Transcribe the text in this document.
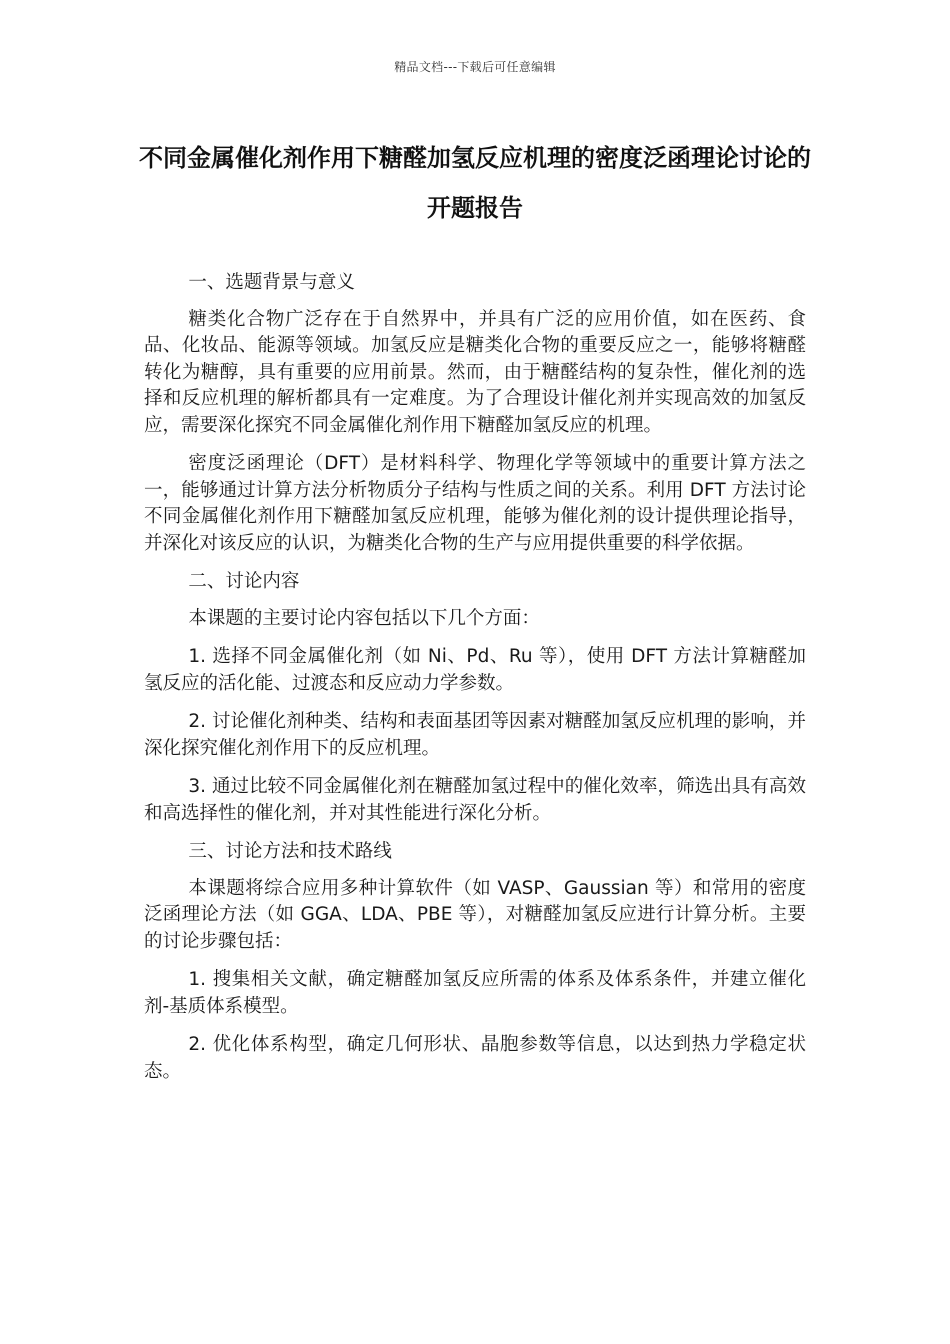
精品文档---下载后可任意编辑
不同金属催化剂作用下糖醛加氢反应机理的密度泛函理论讨论的开题报告

一、选题背景与意义

糖类化合物广泛存在于自然界中，并具有广泛的应用价值，如在医药、食品、化妆品、能源等领域。加氢反应是糖类化合物的重要反应之一，能够将糖醛转化为糖醇，具有重要的应用前景。然而，由于糖醛结构的复杂性，催化剂的选择和反应机理的解析都具有一定难度。为了合理设计催化剂并实现高效的加氢反应，需要深化探究不同金属催化剂作用下糖醛加氢反应的机理。

密度泛函理论（DFT）是材料科学、物理化学等领域中的重要计算方法之一，能够通过计算方法分析物质分子结构与性质之间的关系。利用 DFT 方法讨论不同金属催化剂作用下糖醛加氢反应机理，能够为催化剂的设计提供理论指导，并深化对该反应的认识，为糖类化合物的生产与应用提供重要的科学依据。

二、讨论内容

本课题的主要讨论内容包括以下几个方面：

1. 选择不同金属催化剂（如 Ni、Pd、Ru 等），使用 DFT 方法计算糖醛加氢反应的活化能、过渡态和反应动力学参数。

2. 讨论催化剂种类、结构和表面基团等因素对糖醛加氢反应机理的影响，并深化探究催化剂作用下的反应机理。

3. 通过比较不同金属催化剂在糖醛加氢过程中的催化效率，筛选出具有高效和高选择性的催化剂，并对其性能进行深化分析。

三、讨论方法和技术路线

本课题将综合应用多种计算软件（如 VASP、Gaussian 等）和常用的密度泛函理论方法（如 GGA、LDA、PBE 等），对糖醛加氢反应进行计算分析。主要的讨论步骤包括：

1. 搜集相关文献，确定糖醛加氢反应所需的体系及体系条件，并建立催化剂-基质体系模型。

2. 优化体系构型，确定几何形状、晶胞参数等信息，以达到热力学稳定状态。
